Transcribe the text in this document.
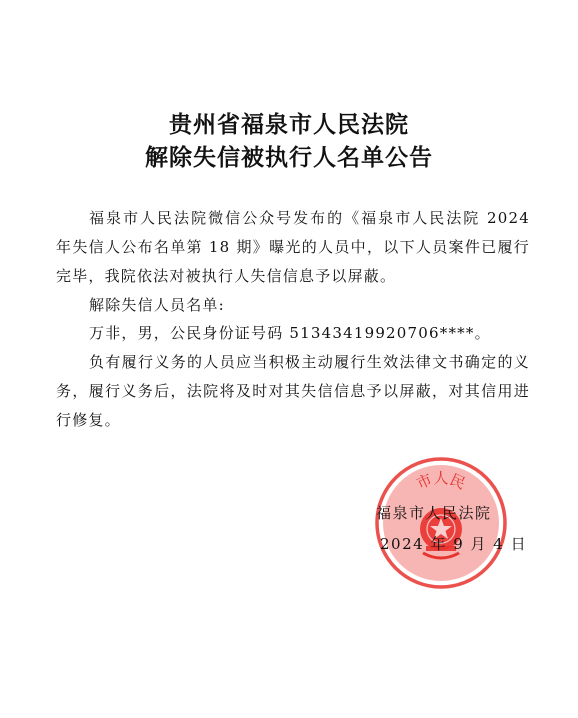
贵州省福泉市人民法院
解除失信被执行人名单公告
福泉市人民法院微信公众号发布的《福泉市人民法院 2024 年失信人公布名单第 18 期》曝光的人员中，以下人员案件已履行完毕，我院依法对被执行人失信信息予以屏蔽。
解除失信人员名单:
万非，男，公民身份证号码 51343419920706****。
负有履行义务的人员应当积极主动履行生效法律文书确定的义务，履行义务后，法院将及时对其失信信息予以屏蔽，对其信用进行修复。
市人民
福泉市人民法院
2024 年 9 月 4 日
